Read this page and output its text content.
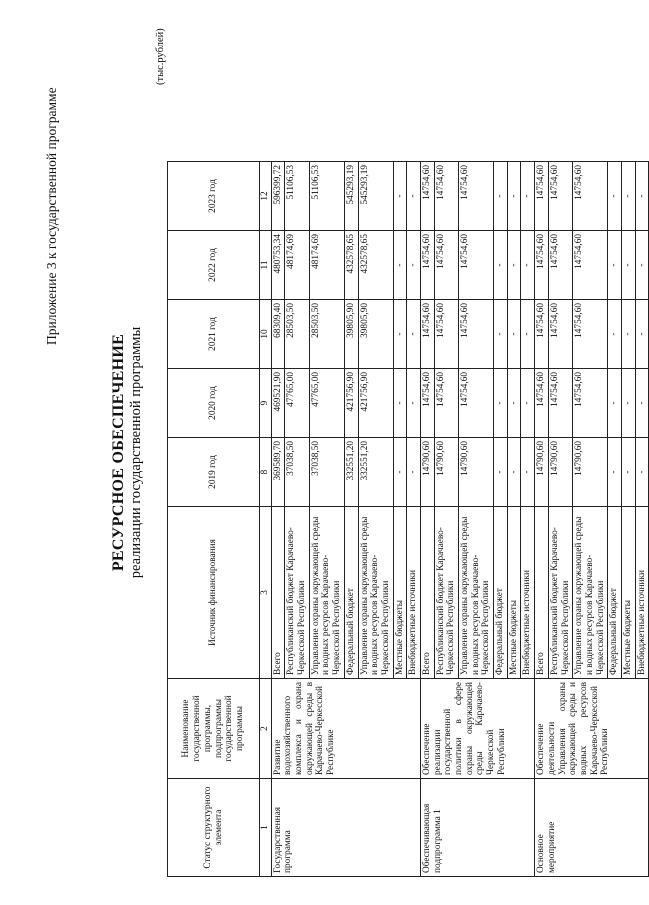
Приложение 3 к государственной программе
РЕСУРСНОЕ ОБЕСПЕЧЕНИЕ реализации государственной программы
(тыс.рублей)
Статус структурного элемента	Наименование государственной программы, подпрограммы государственной программы	Источник финансирования	2019 год	2020 год	2021 год	2022 год	2023 год
1	2	3	8	9	10	11	12
Государственная программа	Развитие водохозяйственного комплекса и охрана окружающей среды в Карачаево-Черкесской Республике	Всего	369589,70	469521,90	68309,40	480753,34	596399,72
		Республиканский бюджет Карачаево-Черкесской Республики	37038,50	47765,00	28503,50	48174,69	51106,53
		Управление охраны окружающей среды и водных ресурсов Карачаево-Черкесской Республики	37038,50	47765,00	28503,50	48174,69	51106,53
		Федеральный бюджет	332551,20	421756,90	39805,90	432578,65	545293,19
		Управление охраны окружающей среды и водных ресурсов Карачаево-Черкесской Республики	332551,20	421756,90	39805,90	432578,65	545293,19
		Местные бюджеты	-	-	-	-	-
		Внебюджетные источники	-	-	-	-	-
Обеспечивающая подпрограмма 1	Обеспечение реализации государственной политики в сфере охраны окружающей среды Карачаево-Черкесской Республики	Всего	14790,60	14754,60	14754,60	14754,60	14754,60
		Республиканский бюджет Карачаево-Черкесской Республики	14790,60	14754,60	14754,60	14754,60	14754,60
		Управление охраны окружающей среды и водных ресурсов Карачаево-Черкесской Республики	14790,60	14754,60	14754,60	14754,60	14754,60
		Федеральный бюджет	-	-	-	-	-
		Местные бюджеты	-	-	-	-	-
		Внебюджетные источники	-	-	-	-	-
Основное мероприятие	Обеспечение деятельности Управления охраны окружающей среды и водных ресурсов Карачаево-Черкесской Республики	Всего	14790,60	14754,60	14754,60	14754,60	14754,60
		Республиканский бюджет Карачаево-Черкесской Республики	14790,60	14754,60	14754,60	14754,60	14754,60
		Управление охраны окружающей среды и водных ресурсов Карачаево-Черкесской Республики	14790,60	14754,60	14754,60	14754,60	14754,60
		Федеральный бюджет	-	-	-	-	-
		Местные бюджеты	-	-	-	-	-
		Внебюджетные источники	-	-	-	-	-
